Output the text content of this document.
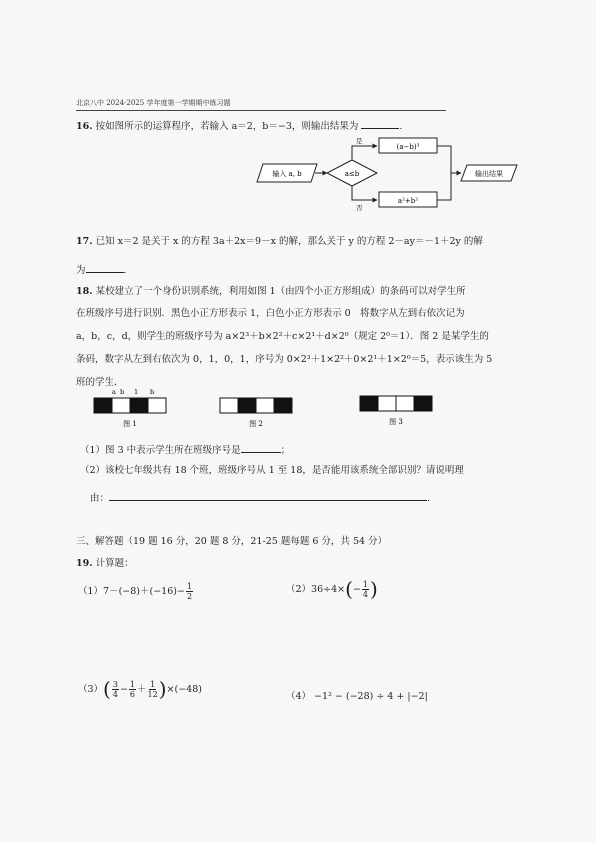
北京八中 2024-2025 学年度第一学期期中练习题
16. 按如图所示的运算程序，若输入 a＝2，b＝−3，则输出结果为	.
输入 a, b	a≤b
是
否
(a−b)³
a²+b²
输出结果
17. 已知 x＝2 是关于 x 的方程 3a＋2x＝9－x 的解，那么关于 y 的方程 2－ay＝－1＋2y 的解
为	.
18. 某校建立了一个身份识别系统，利用如图 1（由四个小正方形组成）的条码可以对学生所
在班级序号进行识别．黑色小正方形表示 1，白色小正方形表示 0　将数字从左到右依次记为
a，b，c，d，则学生的班级序号为 a×2³＋b×2²＋c×2¹＋d×2⁰（规定 2⁰＝1）．图 2 是某学生的
条码，数字从左到右依次为 0，1，0，1，序号为 0×2³＋1×2²＋0×2¹＋1×2⁰＝5，表示该生为 5
班的学生．
a b 1 b
图 1	图 2	图 3
（1）图 3 中表示学生所在班级序号是	；
（2）该校七年级共有 18 个班，班级序号从 1 至 18，是否能用该系统全部识别？请说明理
由：	.
三、解答题（19 题 16 分，20 题 8 分，21-25 题每题 6 分，共 54 分）
19. 计算题：
（1） $7-(-8)+(-16)- \frac{1}{2}$	（2） 36÷4× ( − $\frac{1}{4}$ )
（3） ( $\frac{3}{4} - \frac{1}{6} + \frac{1}{12}$ ) ×(−48)
（4） −1² − (−28) ÷ 4 + |−2|
